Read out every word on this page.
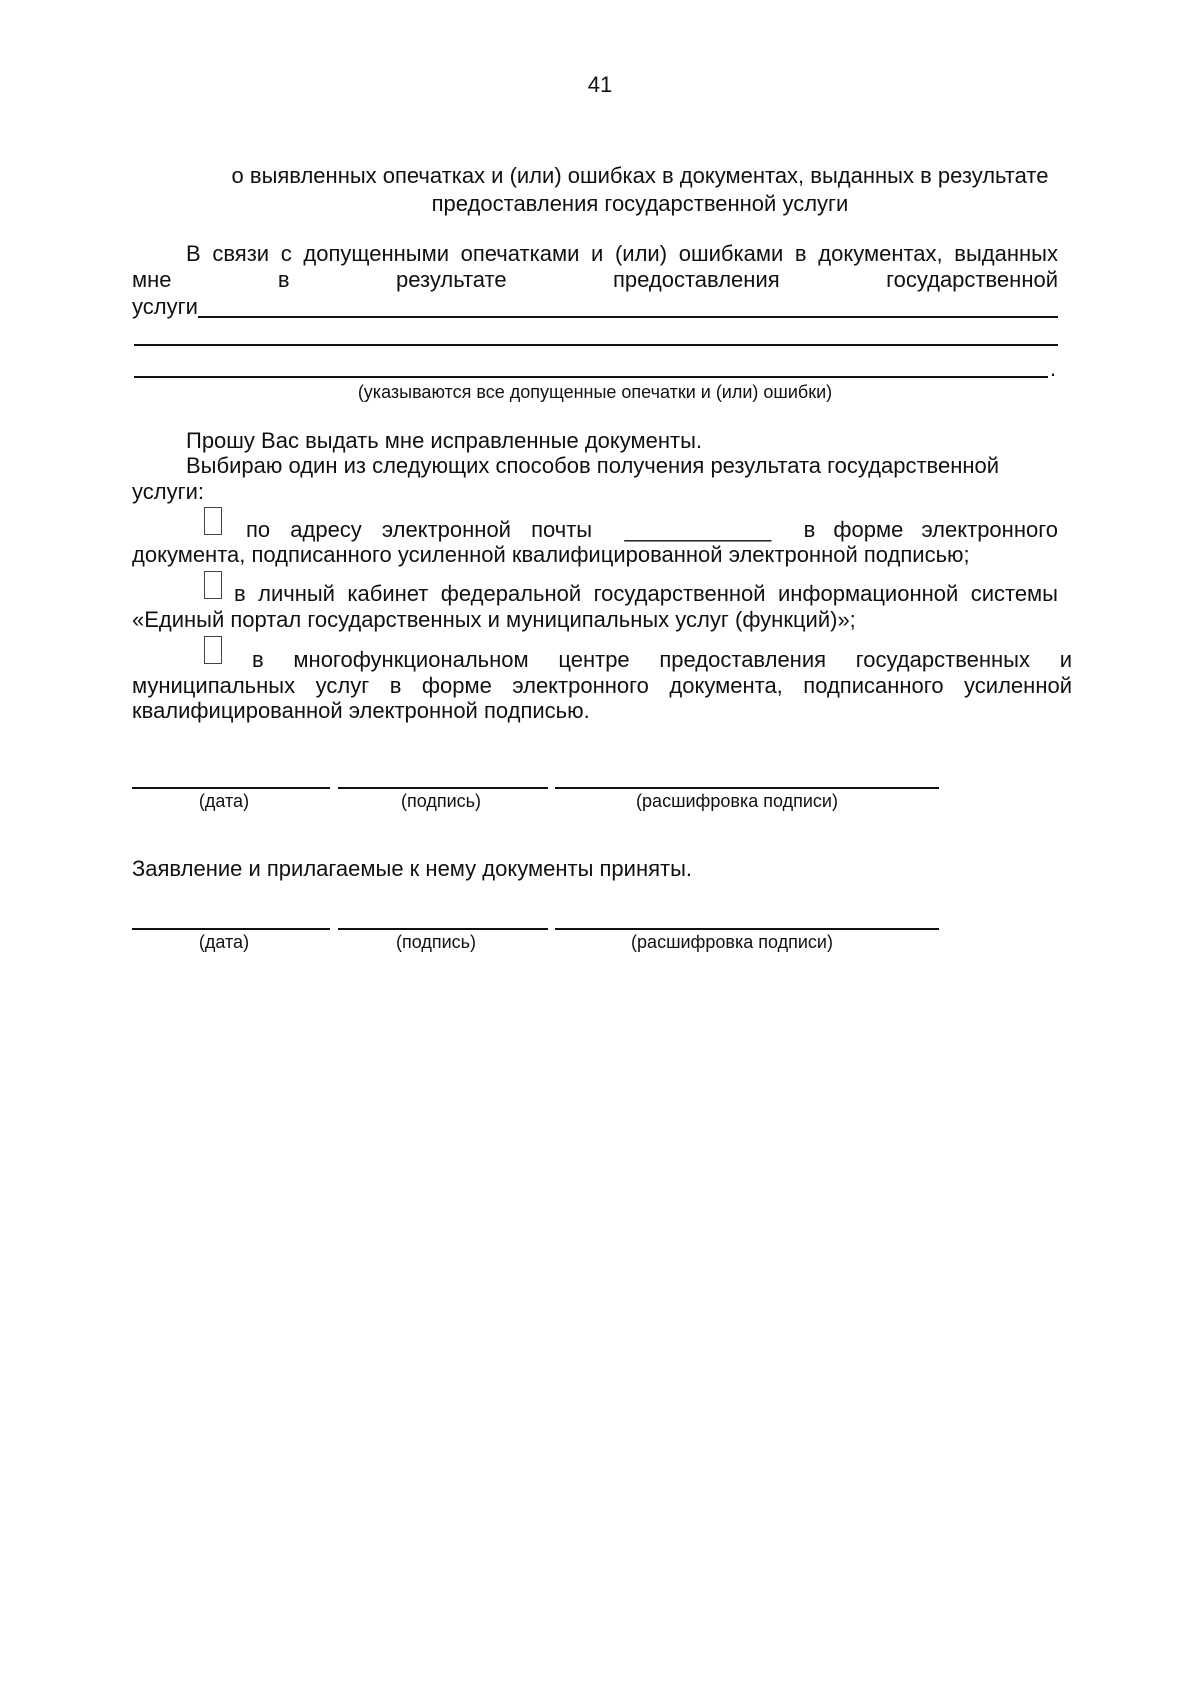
41
о выявленных опечатках и (или) ошибках в документах, выданных в результате
предоставления государственной услуги
В связи с допущенными опечатками и (или) ошибками в документах, выданных
мне	в	результате	предоставления	государственной
услуги
.
(указываются все допущенные опечатки и (или) ошибки)
Прошу Вас выдать мне исправленные документы.
Выбираю один из следующих способов получения результата государственной
услуги:
по адресу электронной почты ____________ в форме электронного
документа, подписанного усиленной квалифицированной электронной подписью;
в личный кабинет федеральной государственной информационной системы
«Единый портал государственных и муниципальных услуг (функций)»;
в многофункциональном центре предоставления государственных и
муниципальных услуг в форме электронного документа, подписанного усиленной
квалифицированной электронной подписью.
(дата)	(подпись)	(расшифровка подписи)
Заявление и прилагаемые к нему документы приняты.
(дата)	(подпись)	(расшифровка подписи)
